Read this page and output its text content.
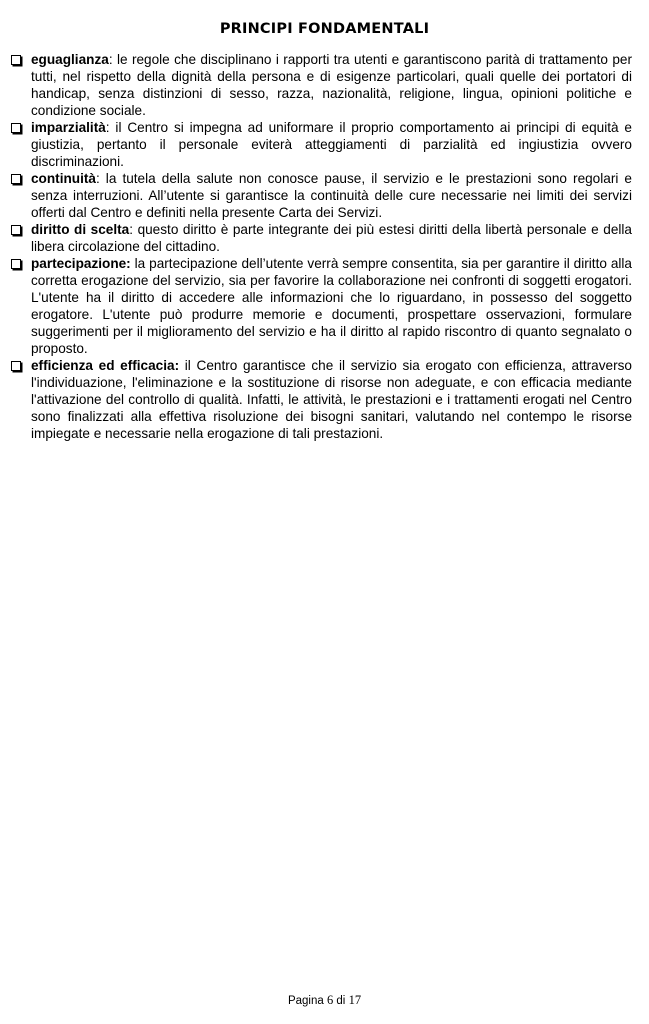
PRINCIPI FONDAMENTALI
eguaglianza: le regole che disciplinano i rapporti tra utenti e garantiscono parità di trattamento per tutti, nel rispetto della dignità della persona e di esigenze particolari, quali quelle dei portatori di handicap, senza distinzioni di sesso, razza, nazionalità, religione, lingua, opinioni politiche e condizione sociale.
imparzialità: il Centro si impegna ad uniformare il proprio comportamento ai principi di equità e giustizia, pertanto il personale eviterà atteggiamenti di parzialità ed ingiustizia ovvero discriminazioni.
continuità: la tutela della salute non conosce pause, il servizio e le prestazioni sono regolari e senza interruzioni. All’utente si garantisce la continuità delle cure necessarie nei limiti dei servizi offerti dal Centro e definiti nella presente Carta dei Servizi.
diritto di scelta: questo diritto è parte integrante dei più estesi diritti della libertà personale e della libera circolazione del cittadino.
partecipazione: la partecipazione dell’utente verrà sempre consentita, sia per garantire il diritto alla corretta erogazione del servizio, sia per favorire la collaborazione nei confronti di soggetti erogatori. L'utente ha il diritto di accedere alle informazioni che lo riguardano, in possesso del soggetto erogatore. L'utente può produrre memorie e documenti, prospettare osservazioni, formulare suggerimenti per il miglioramento del servizio e ha il diritto al rapido riscontro di quanto segnalato o proposto.
efficienza ed efficacia: il Centro garantisce che il servizio sia erogato con efficienza, attraverso l'individuazione, l'eliminazione e la sostituzione di risorse non adeguate, e con efficacia mediante l'attivazione del controllo di qualità. Infatti, le attività, le prestazioni e i trattamenti erogati nel Centro sono finalizzati alla effettiva risoluzione dei bisogni sanitari, valutando nel contempo le risorse impiegate e necessarie nella erogazione di tali prestazioni.
Pagina 6 di 17
